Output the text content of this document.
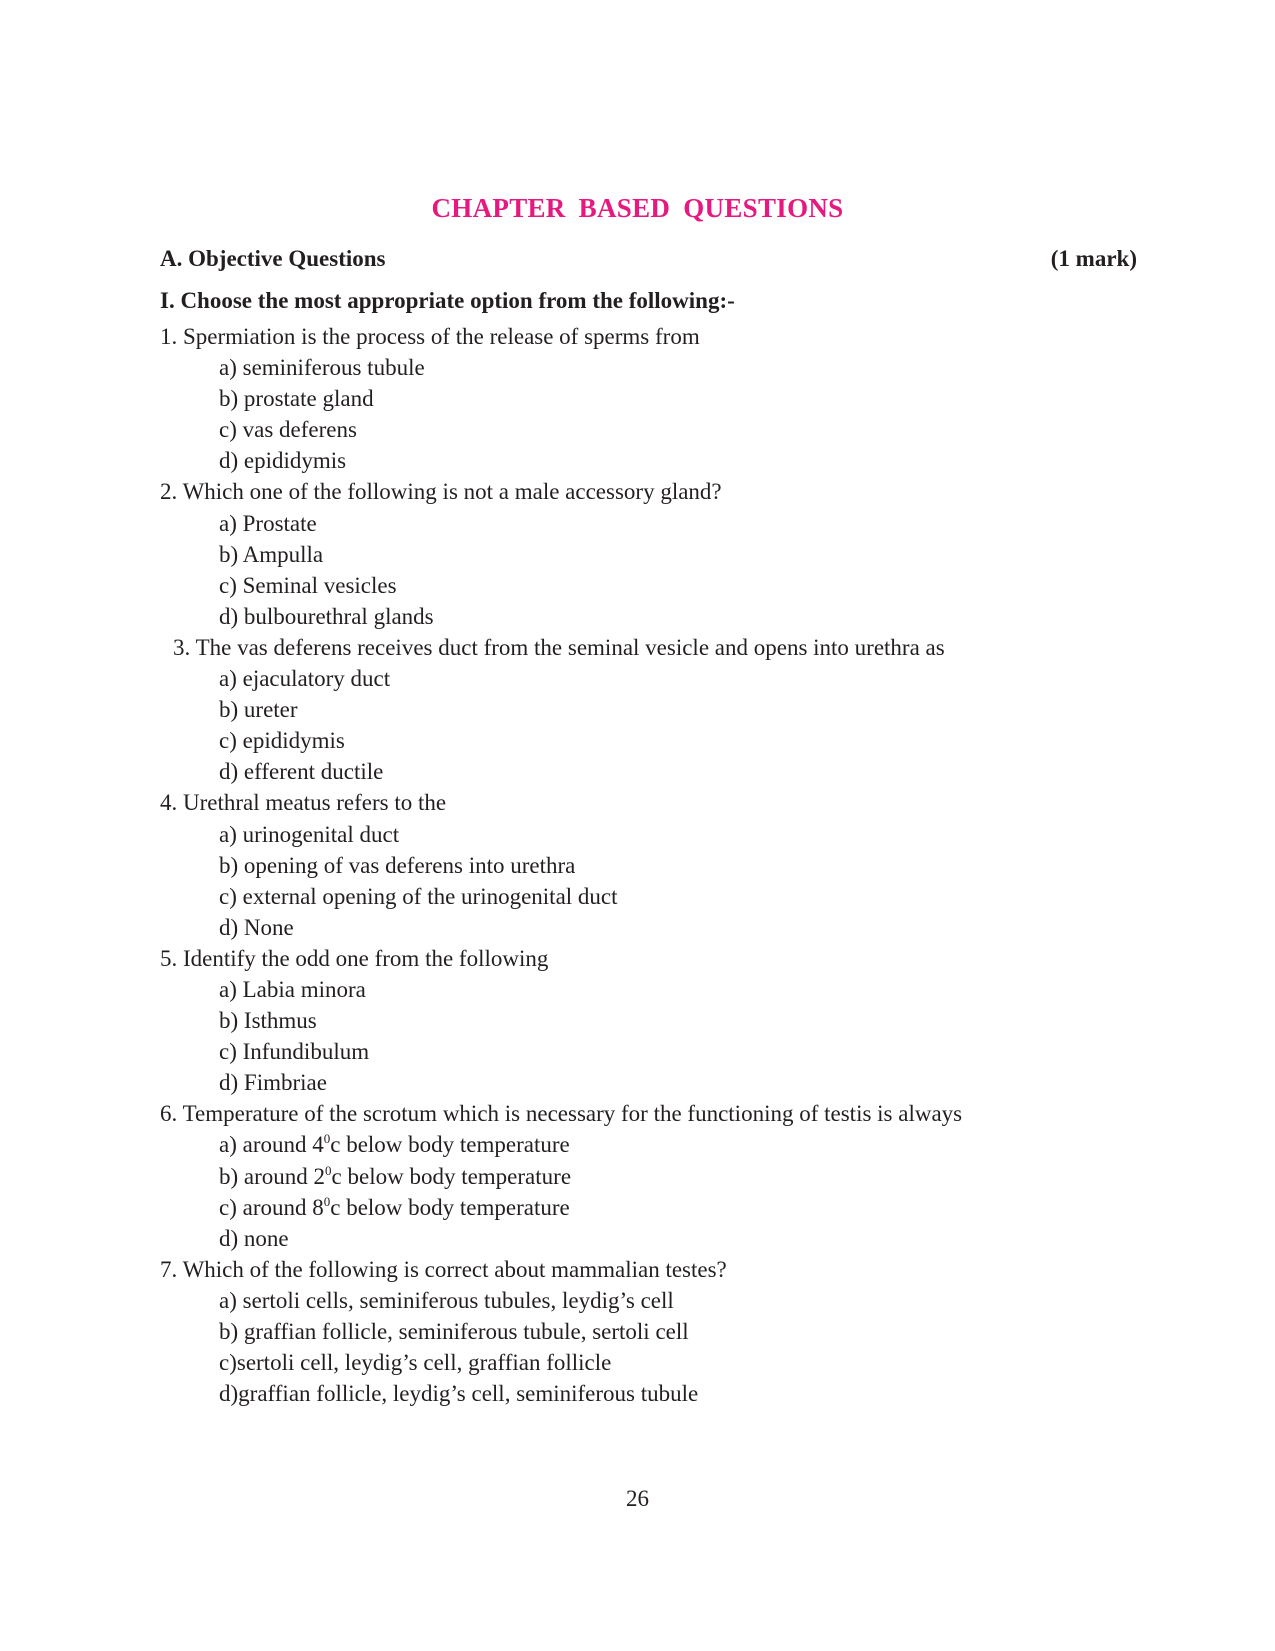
CHAPTER BASED QUESTIONS
A. Objective Questions	(1 mark)
I. Choose the most appropriate option from the following:-
1. Spermiation is the process of the release of sperms from
a) seminiferous tubule
b) prostate gland
c) vas deferens
d) epididymis
2. Which one of the following is not a male accessory gland?
a) Prostate
b) Ampulla
c) Seminal vesicles
d) bulbourethral glands
3. The vas deferens receives duct from the seminal vesicle and opens into urethra as
a) ejaculatory duct
b) ureter
c) epididymis
d) efferent ductile
4. Urethral meatus refers to the
a) urinogenital duct
b) opening of vas deferens into urethra
c) external opening of the urinogenital duct
d) None
5. Identify the odd one from the following
a) Labia minora
b) Isthmus
c) Infundibulum
d) Fimbriae
6. Temperature of the scrotum which is necessary for the functioning of testis is always
a) around $4^0c$ below body temperature
b) around $2^0c$ below body temperature
c) around $8^0c$ below body temperature
d) none
7. Which of the following is correct about mammalian testes?
a) sertoli cells, seminiferous tubules, leydig’s cell
b) graffian follicle, seminiferous tubule, sertoli cell
c)sertoli cell, leydig’s cell, graffian follicle
d)graffian follicle, leydig’s cell, seminiferous tubule
26
